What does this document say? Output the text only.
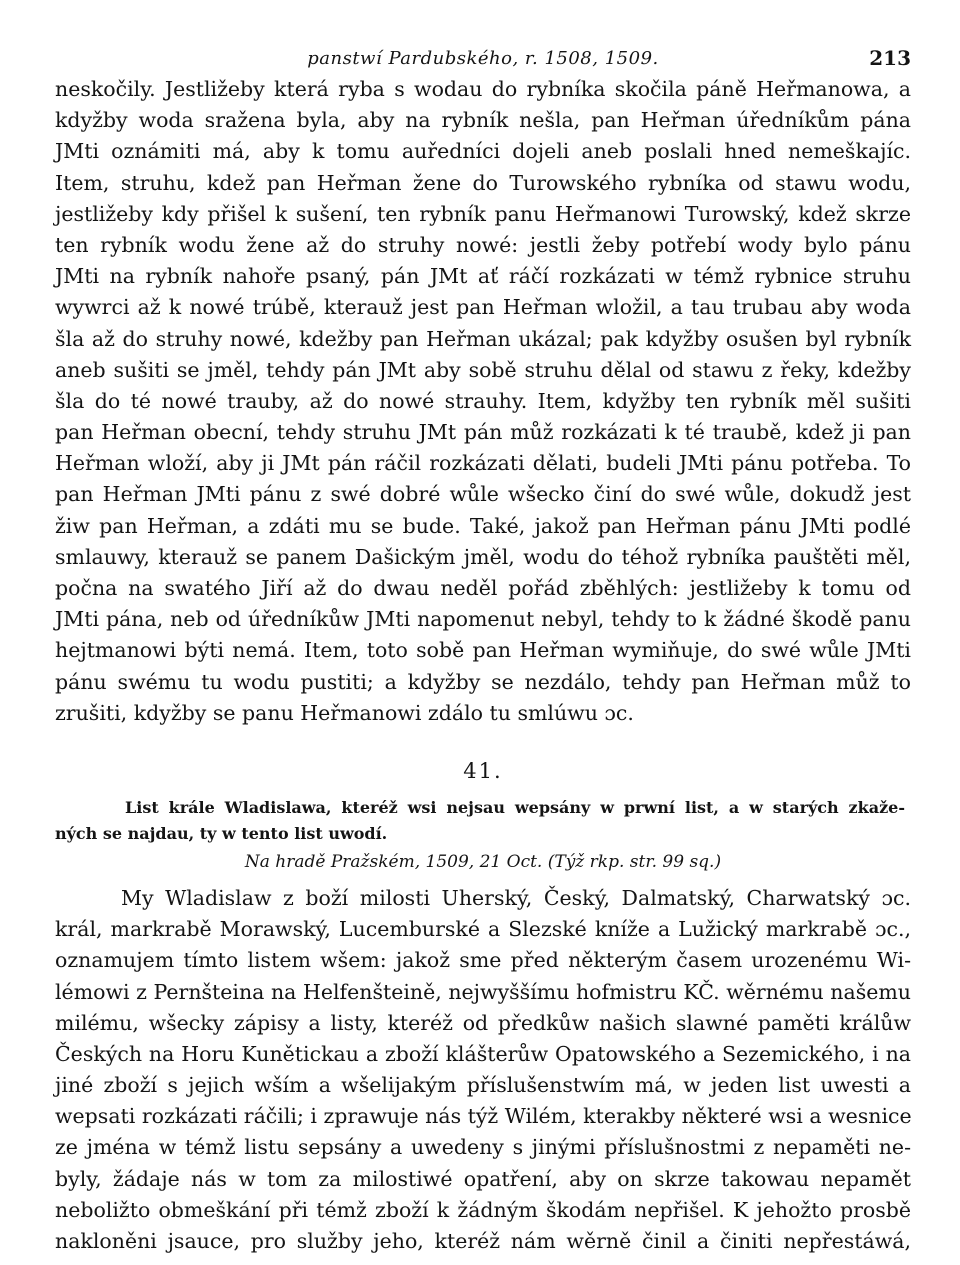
panstwí Pardubského, r. 1508, 1509.	213
neskočily. Jestližeby která ryba s wodau do rybníka skočila páně Heřmanowa, a
kdyžby woda sražena byla, aby na rybník nešla, pan Heřman úředníkům pána
JMti oznámiti má, aby k tomu auředníci dojeli aneb poslali hned nemeškajíc.
Item, struhu, kdež pan Heřman žene do Turowského rybníka od stawu wodu,
jestližeby kdy přišel k sušení, ten rybník panu Heřmanowi Turowský, kdež skrze
ten rybník wodu žene až do struhy nowé: jestli žeby potřebí wody bylo pánu
JMti na rybník nahoře psaný, pán JMt ať ráčí rozkázati w témž rybnice struhu
wywrci až k nowé trúbě, kterauž jest pan Heřman wložil, a tau trubau aby woda
šla až do struhy nowé, kdežby pan Heřman ukázal; pak kdyžby osušen byl rybník
aneb sušiti se jměl, tehdy pán JMt aby sobě struhu dělal od stawu z řeky, kdežby
šla do té nowé trauby, až do nowé strauhy. Item, kdyžby ten rybník měl sušiti
pan Heřman obecní, tehdy struhu JMt pán můž rozkázati k té traubě, kdež ji pan
Heřman wloží, aby ji JMt pán ráčil rozkázati dělati, budeli JMti pánu potřeba. To
pan Heřman JMti pánu z swé dobré wůle wšecko činí do swé wůle, dokudž jest
žiw pan Heřman, a zdáti mu se bude. Také, jakož pan Heřman pánu JMti podlé
smlauwy, kterauž se panem Dašickým jměl, wodu do téhož rybníka pauštěti měl,
počna na swatého Jiří až do dwau neděl pořád zběhlých: jestližeby k tomu od
JMti pána, neb od úředníkůw JMti napomenut nebyl, tehdy to k žádné škodě panu
hejtmanowi býti nemá. Item, toto sobě pan Heřman wymiňuje, do swé wůle JMti
pánu swému tu wodu pustiti; a kdyžby se nezdálo, tehdy pan Heřman můž to
zrušiti, kdyžby se panu Heřmanowi zdálo tu smlúwu ɔc.
41.
List krále Wladislawa, kteréž wsi nejsau wepsány w prwní list, a w starých zkaže-
ných se najdau, ty w tento list uwodí.
Na hradě Pražském, 1509, 21 Oct. (Týž rkp. str. 99 sq.)
My Wladislaw z boží milosti Uherský, Český, Dalmatský, Charwatský ɔc.
král, markrabě Morawský, Lucemburské a Slezské kníže a Lužický markrabě ɔc.,
oznamujem tímto listem wšem: jakož sme před některým časem urozenému Wi-
lémowi z Pernšteina na Helfenšteině, nejwyššímu hofmistru KČ. wěrnému našemu
milému, wšecky zápisy a listy, kteréž od předkůw našich slawné paměti králůw
Českých na Horu Kunětickau a zboží klášterůw Opatowského a Sezemického, i na
jiné zboží s jejich wším a wšelijakým příslušenstwím má, w jeden list uwesti a
wepsati rozkázati ráčili; i zprawuje nás týž Wilém, kterakby některé wsi a wesnice
ze jména w témž listu sepsány a uwedeny s jinými příslušnostmi z nepaměti ne-
byly, žádaje nás w tom za milostiwé opatření, aby on skrze takowau nepamět
neboližto obmeškání při témž zboží k žádným škodám nepřišel. K jehožto prosbě
nakloněni jsauce, pro služby jeho, kteréž nám wěrně činil a činiti nepřestáwá,
